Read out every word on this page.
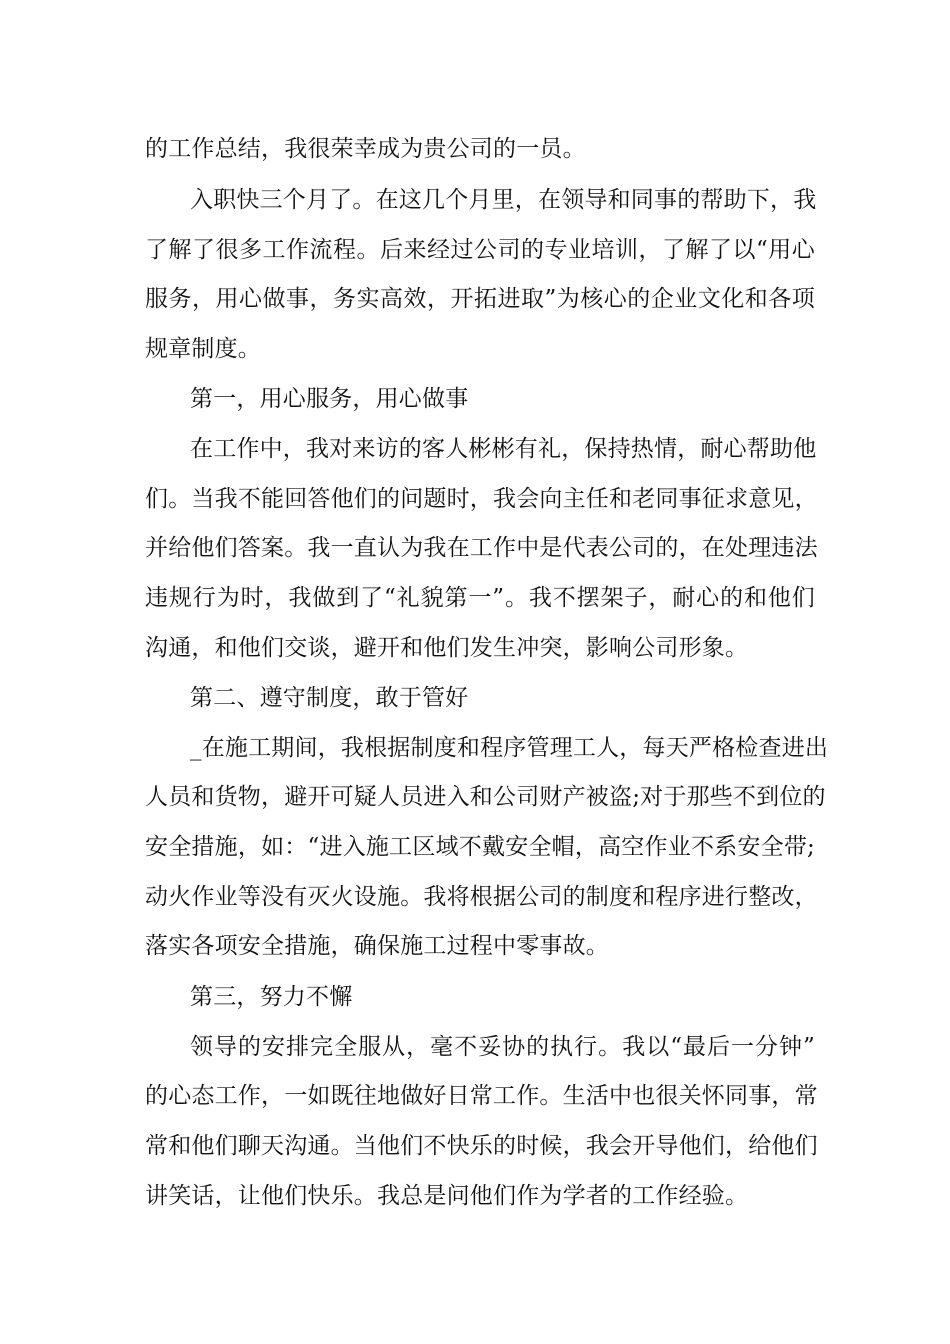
的工作总结，我很荣幸成为贵公司的一员。
入职快三个月了。在这几个月里，在领导和同事的帮助下，我
了解了很多工作流程。后来经过公司的专业培训，了解了以“用心
服务，用心做事，务实高效，开拓进取”为核心的企业文化和各项
规章制度。
第一，用心服务，用心做事
在工作中，我对来访的客人彬彬有礼，保持热情，耐心帮助他
们。当我不能回答他们的问题时，我会向主任和老同事征求意见，
并给他们答案。我一直认为我在工作中是代表公司的，在处理违法
违规行为时，我做到了“礼貌第一”。我不摆架子，耐心的和他们
沟通，和他们交谈，避开和他们发生冲突，影响公司形象。
第二、遵守制度，敢于管好
_在施工期间，我根据制度和程序管理工人，每天严格检查进出
人员和货物，避开可疑人员进入和公司财产被盗;对于那些不到位的
安全措施，如：“进入施工区域不戴安全帽，高空作业不系安全带;
动火作业等没有灭火设施。我将根据公司的制度和程序进行整改，
落实各项安全措施，确保施工过程中零事故。
第三，努力不懈
领导的安排完全服从，毫不妥协的执行。我以“最后一分钟”
的心态工作，一如既往地做好日常工作。生活中也很关怀同事，常
常和他们聊天沟通。当他们不快乐的时候，我会开导他们，给他们
讲笑话，让他们快乐。我总是问他们作为学者的工作经验。
